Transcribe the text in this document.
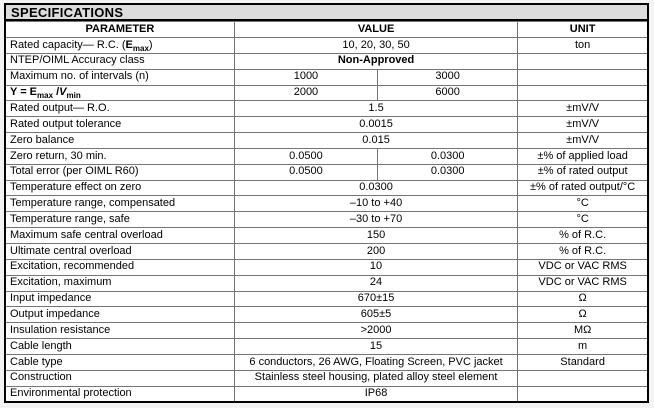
SPECIFICATIONS
PARAMETER	VALUE		UNIT
Rated capacity— R.C. $(E_{max})$	10, 20, 30, 50		ton
NTEP/OIML Accuracy class	Non-Approved		
Maximum no. of intervals (n)	1000	3000	
$Y = E_{max}$ $/V_{min}$	2000	6000	
Rated output— R.O.	1.5		±mV/V
Rated output tolerance	0.0015		±mV/V
Zero balance	0.015		±mV/V
Zero return, 30 min.	0.0500	0.0300	±% of applied load
Total error (per OIML R60)	0.0500	0.0300	±% of rated output
Temperature effect on zero	0.0300		±% of rated output/°C
Temperature range, compensated	–10 to +40		°C
Temperature range, safe	–30 to +70		°C
Maximum safe central overload	150		% of R.C.
Ultimate central overload	200		% of R.C.
Excitation, recommended	10		VDC or VAC RMS
Excitation, maximum	24		VDC or VAC RMS
Input impedance	670±15		Ω
Output impedance	605±5		Ω
Insulation resistance	>2000		MΩ
Cable length	15		m
Cable type	6 conductors, 26 AWG, Floating Screen, PVC jacket		Standard
Construction	Stainless steel housing, plated alloy steel element		
Environmental protection	IP68		
